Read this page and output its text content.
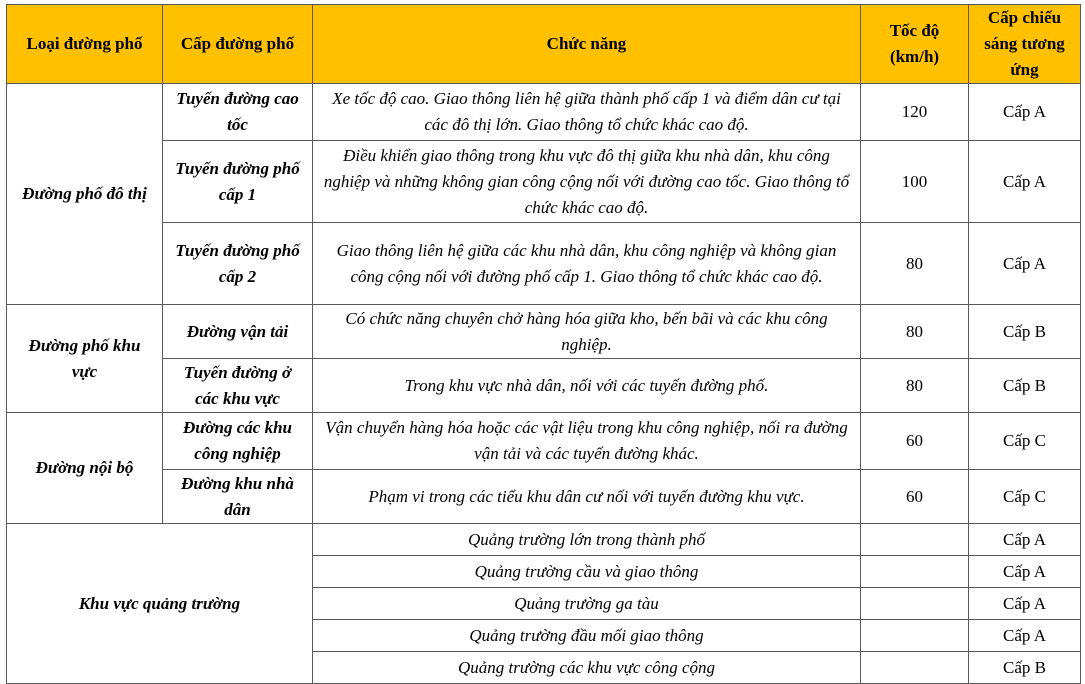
Loại đường phố	Cấp đường phố	Chức năng	Tốc độ (km/h)	Cấp chiếu sáng tương ứng
Đường phố đô thị	Tuyến đường cao tốc	Xe tốc độ cao. Giao thông liên hệ giữa thành phố cấp 1 và điểm dân cư tại các đô thị lớn. Giao thông tổ chức khác cao độ.	120	Cấp A
	Tuyến đường phố cấp 1	Điều khiển giao thông trong khu vực đô thị giữa khu nhà dân, khu công nghiệp và những không gian công cộng nối với đường cao tốc. Giao thông tổ chức khác cao độ.	100	Cấp A
	Tuyến đường phố cấp 2	Giao thông liên hệ giữa các khu nhà dân, khu công nghiệp và không gian công cộng nối với đường phố cấp 1. Giao thông tổ chức khác cao độ.	80	Cấp A
Đường phố khu vực	Đường vận tải	Có chức năng chuyên chở hàng hóa giữa kho, bến bãi và các khu công nghiệp.	80	Cấp B
	Tuyến đường ở các khu vực	Trong khu vực nhà dân, nối với các tuyến đường phố.	80	Cấp B
Đường nội bộ	Đường các khu công nghiệp	Vận chuyển hàng hóa hoặc các vật liệu trong khu công nghiệp, nối ra đường vận tải và các tuyến đường khác.	60	Cấp C
	Đường khu nhà dân	Phạm vi trong các tiểu khu dân cư nối với tuyến đường khu vực.	60	Cấp C
Khu vực quảng trường		Quảng trường lớn trong thành phố		Cấp A
		Quảng trường cầu và giao thông		Cấp A
		Quảng trường ga tàu		Cấp A
		Quảng trường đầu mối giao thông		Cấp A
		Quảng trường các khu vực công cộng		Cấp B
